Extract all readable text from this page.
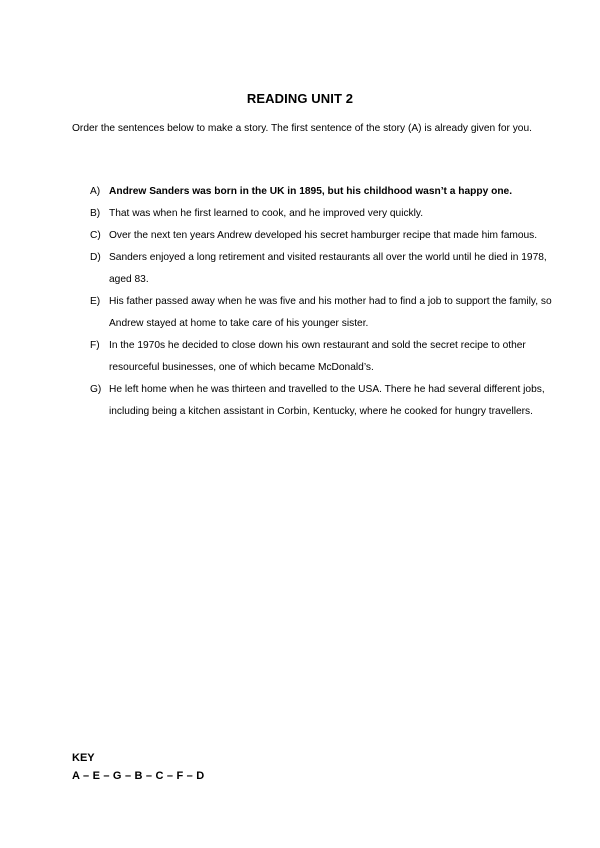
READING UNIT 2
Order the sentences below to make a story. The first sentence of the story (A) is already given for you.
A) Andrew Sanders was born in the UK in 1895, but his childhood wasn’t a happy one.
B) That was when he first learned to cook, and he improved very quickly.
C) Over the next ten years Andrew developed his secret hamburger recipe that made him famous.
D) Sanders enjoyed a long retirement and visited restaurants all over the world until he died in 1978, aged 83.
E) His father passed away when he was five and his mother had to find a job to support the family, so Andrew stayed at home to take care of his younger sister.
F) In the 1970s he decided to close down his own restaurant and sold the secret recipe to other resourceful businesses, one of which became McDonald’s.
G) He left home when he was thirteen and travelled to the USA. There he had several different jobs, including being a kitchen assistant in Corbin, Kentucky, where he cooked for hungry travellers.
KEY
A – E – G – B – C – F – D
